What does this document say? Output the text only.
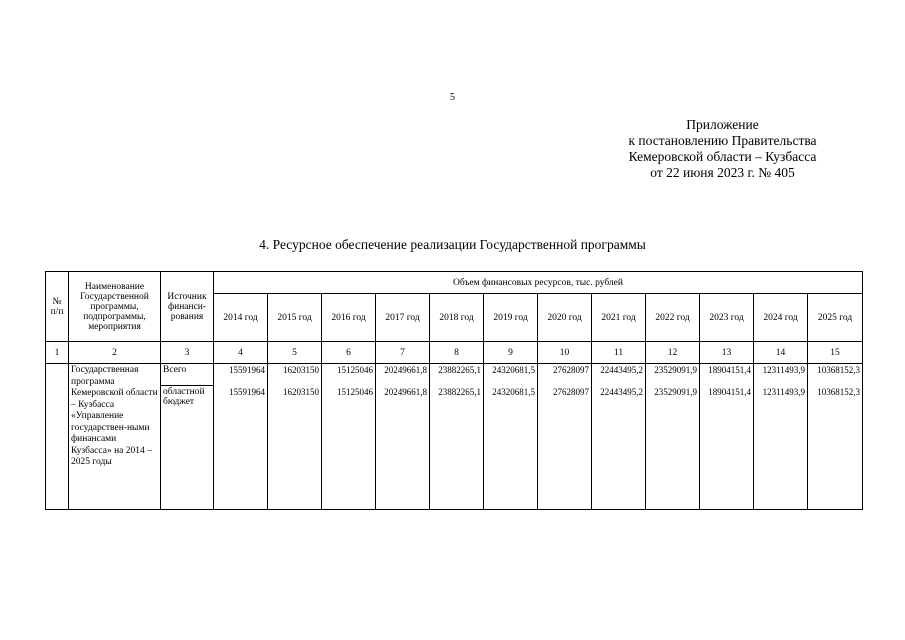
5
Приложение
к постановлению Правительства
Кемеровской области – Кузбасса
от 22 июня 2023 г. № 405
4. Ресурсное обеспечение реализации Государственной программы
№ п/п	Наименование Государственной программы, подпрограммы, мероприятия	Источник финанси-рования	Объем финансовых ресурсов, тыс. рублей											
			2014 год	2015 год	2016 год	2017 год	2018 год	2019 год	2020 год	2021 год	2022 год	2023 год	2024 год	2025 год
1	2	3	4	5	6	7	8	9	10	11	12	13	14	15
	Государственная программа Кемеровской области – Кузбасса «Управление государствен-ными финансами Кузбасса» на 2014 – 2025 годы	Всего	15591964	16203150	15125046	20249661,8	23882265,1	24320681,5	27628097	22443495,2	23529091,9	18904151,4	12311493,9	10368152,3
		областной бюджет	15591964	16203150	15125046	20249661,8	23882265,1	24320681,5	27628097	22443495,2	23529091,9	18904151,4	12311493,9	10368152,3
